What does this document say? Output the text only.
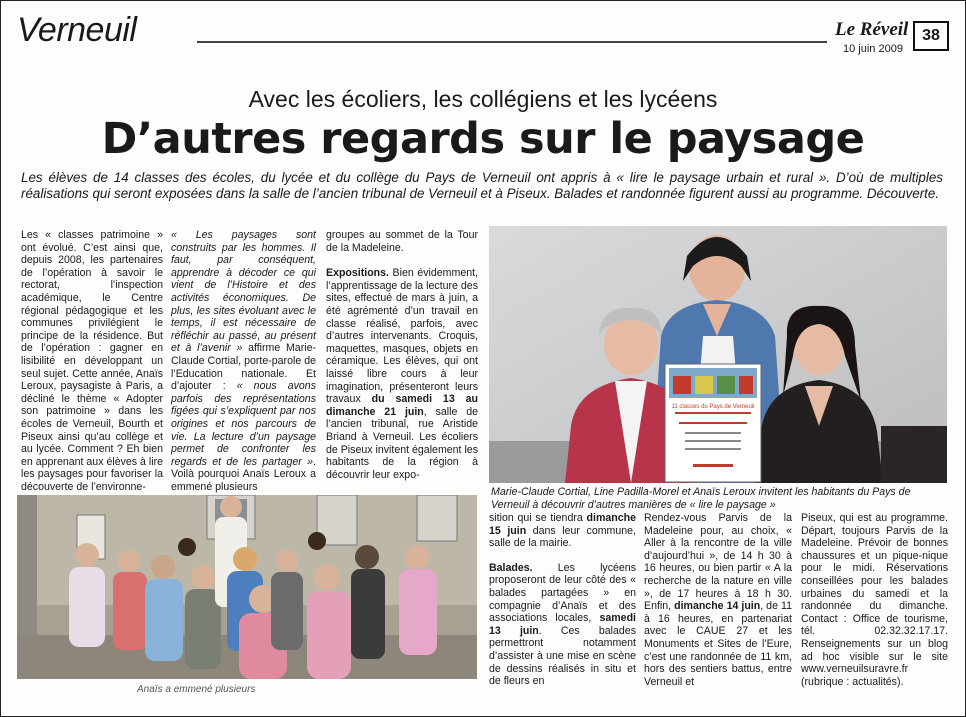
Verneuil	Le Réveil
10 juin 2009
38
Avec les écoliers, les collégiens et les lycéens
D’autres regards sur le paysage
Les élèves de 14 classes des écoles, du lycée et du collège du Pays de Verneuil ont appris à « lire le paysage urbain et rural ». D’où de multiples réalisations qui seront exposées dans la salle de l’ancien tribunal de Verneuil et à Piseux. Balades et randonnée figurent aussi au programme. Découverte.

Les « classes patrimoine » ont évolué. C’est ainsi que, depuis 2008, les partenaires de l’opération à savoir le rectorat, l’inspection académique, le Centre régional pédagogique et les communes privilégient le principe de la résidence. But de l’opération : gagner en lisibilité en développant un seul sujet. Cette année, Anaïs Leroux, paysagiste à Paris, a décliné le thème « Adopter son patrimoine » dans les écoles de Verneuil, Bourth et Piseux ainsi qu’au collège et au lycée. Comment ? Eh bien en apprenant aux élèves à lire les paysages pour favoriser la découverte de l’environne-

« Les paysages sont construits par les hommes. Il faut, par conséquent, apprendre à décoder ce qui vient de l’Histoire et des activités économiques. De plus, les sites évoluant avec le temps, il est nécessaire de réfléchir au passé, au présent et à l’avenir » affirme Marie-Claude Cortial, porte-parole de l’Education nationale. Et d’ajouter : « nous avons parfois des représentations figées qui s’expliquent par nos origines et nos parcours de vie. La lecture d’un paysage permet de confronter les regards et de les partager ». Voilà pourquoi Anaïs Leroux a emmené plusieurs

groupes au sommet de la Tour de la Madeleine.

Expositions. Bien évidemment, l’apprentissage de la lecture des sites, effectué de mars à juin, a été agrémenté d’un travail en classe réalisé, parfois, avec d’autres intervenants. Croquis, maquettes, masques, objets en céramique. Les élèves, qui ont laissé libre cours à leur imagination, présenteront leurs travaux du samedi 13 au dimanche 21 juin, salle de l’ancien tribunal, rue Aristide Briand à Verneuil. Les écoliers de Piseux invitent également les habitants de la région à découvrir leur expo-

11 classes du Pays de Verneuil
Marie-Claude Cortial, Line Padilla-Morel et Anaïs Leroux invitent les habitants du Pays de Verneuil à découvrir d’autres manières de « lire le paysage »
Anaïs a emmené plusieurs

sition qui se tiendra dimanche 15 juin dans leur commune, salle de la mairie.

Balades. Les lycéens proposeront de leur côté des « balades partagées » en compagnie d’Anaïs et des associations locales, samedi 13 juin. Ces balades permettront notamment d’assister à une mise en scène de dessins réalisés in situ et de fleurs en

Rendez-vous Parvis de la Madeleine pour, au choix, « Aller à la rencontre de la ville d’aujourd’hui », de 14 h 30 à 16 heures, ou bien partir « A la recherche de la nature en ville », de 17 heures à 18 h 30. Enfin, dimanche 14 juin, de 11 à 16 heures, en partenariat avec le CAUE 27 et les Monuments et Sites de l’Eure, c’est une randonnée de 11 km, hors des sentiers battus, entre Verneuil et

Piseux, qui est au programme. Départ, toujours Parvis de la Madeleine. Prévoir de bonnes chaussures et un pique-nique pour le midi. Réservations conseillées pour les balades urbaines du samedi et la randonnée du dimanche. Contact : Office de tourisme, tél. 02.32.32.17.17. Renseignements sur un blog ad hoc visible sur le site www.verneuilsuravre.fr (rubrique : actualités).
